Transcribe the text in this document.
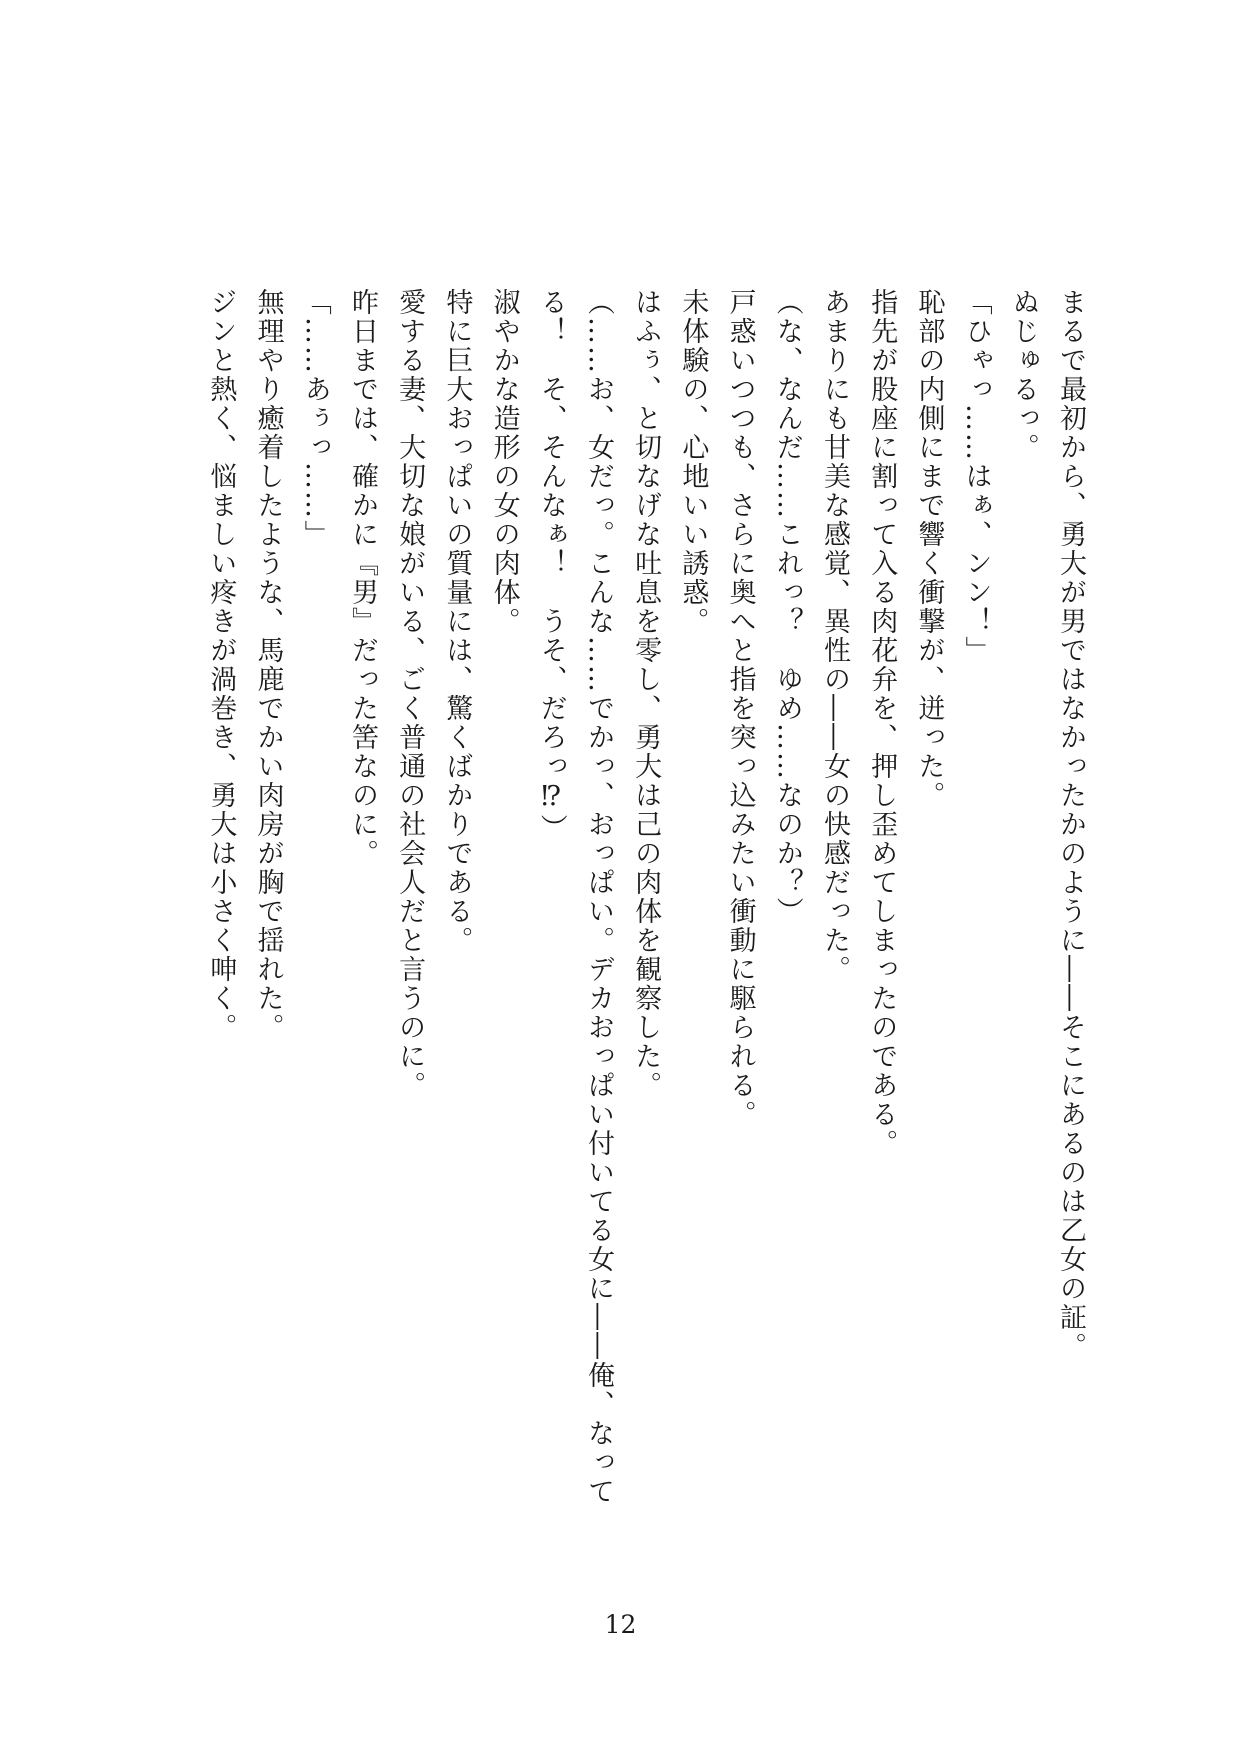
まるで最初から、勇大が男ではなかったかのように――そこにあるのは乙女の証。

ぬじゅるっ。

「ひゃっ……はぁ、ンン！」

恥部の内側にまで響く衝撃が、迸った。

指先が股座に割って入る肉花弁を、押し歪めてしまったのである。

あまりにも甘美な感覚、異性の――女の快感だった。

（な、なんだ……これっ？　ゆめ……なのか？）

戸惑いつつも、さらに奥へと指を突っ込みたい衝動に駆られる。

未体験の、心地いい誘惑。

はふぅ、と切なげな吐息を零し、勇大は己の肉体を観察した。

（……お、女だっ。こんな……でかっ、おっぱい。デカおっぱい付いてる女に――俺、なってる！　そ、そんなぁ！　うそ、だろっ⁉）

淑やかな造形の女の肉体。

特に巨大おっぱいの質量には、驚くばかりである。

愛する妻、大切な娘がいる、ごく普通の社会人だと言うのに。

昨日までは、確かに『男』だった筈なのに。

「……あぅっ……」

無理やり癒着したような、馬鹿でかい肉房が胸で揺れた。

ジンと熱く、悩ましい疼きが渦巻き、勇大は小さく呻く。

12
